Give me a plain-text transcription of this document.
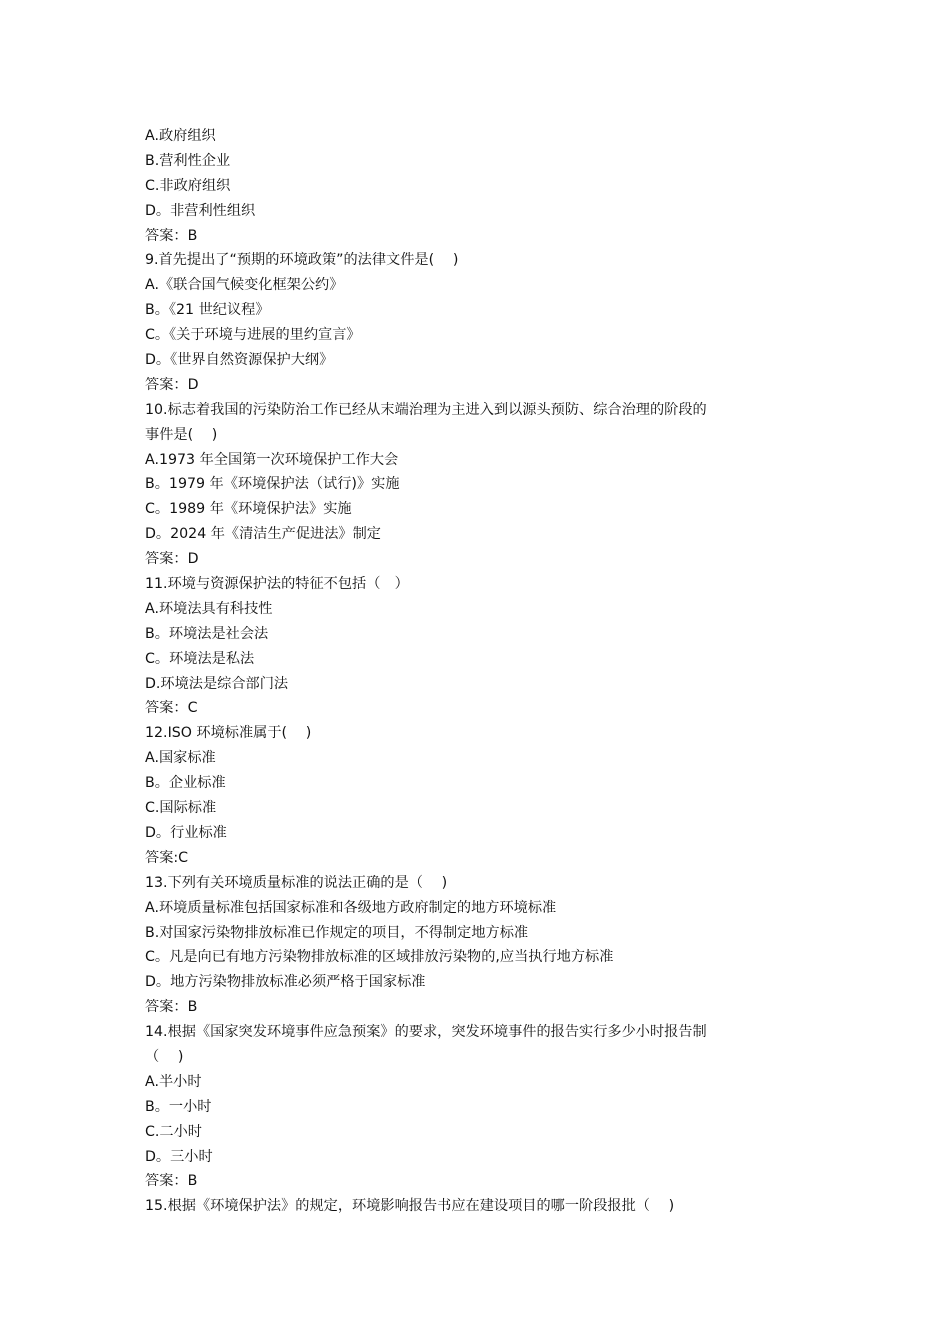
A.政府组织
B.营利性企业
C.非政府组织
D。非营利性组织
答案：B
9.首先提出了“预期的环境政策”的法律文件是(　 )
A.《联合国气候变化框架公约》
B。《21 世纪议程》
C。《关于环境与进展的里约宣言》
D。《世界自然资源保护大纲》
答案：D
10.标志着我国的污染防治工作已经从末端治理为主进入到以源头预防、综合治理的阶段的
事件是(　 )
A.1973 年全国第一次环境保护工作大会
B。1979 年《环境保护法（试行)》实施
C。1989 年《环境保护法》实施
D。2024 年《清洁生产促进法》制定
答案：D
11.环境与资源保护法的特征不包括（　）
A.环境法具有科技性
B。环境法是社会法
C。环境法是私法
D.环境法是综合部门法
答案：C
12.ISO 环境标准属于(　 )
A.国家标准
B。企业标准
C.国际标准
D。行业标准
答案:C
13.下列有关环境质量标准的说法正确的是（　 )
A.环境质量标准包括国家标准和各级地方政府制定的地方环境标准
B.对国家污染物排放标准已作规定的项目，不得制定地方标准
C。凡是向已有地方污染物排放标准的区域排放污染物的,应当执行地方标准
D。地方污染物排放标准必须严格于国家标准
答案：B
14.根据《国家突发环境事件应急预案》的要求，突发环境事件的报告实行多少小时报告制
（　 )
A.半小时
B。一小时
C.二小时
D。三小时
答案：B
15.根据《环境保护法》的规定，环境影响报告书应在建设项目的哪一阶段报批（　 )
